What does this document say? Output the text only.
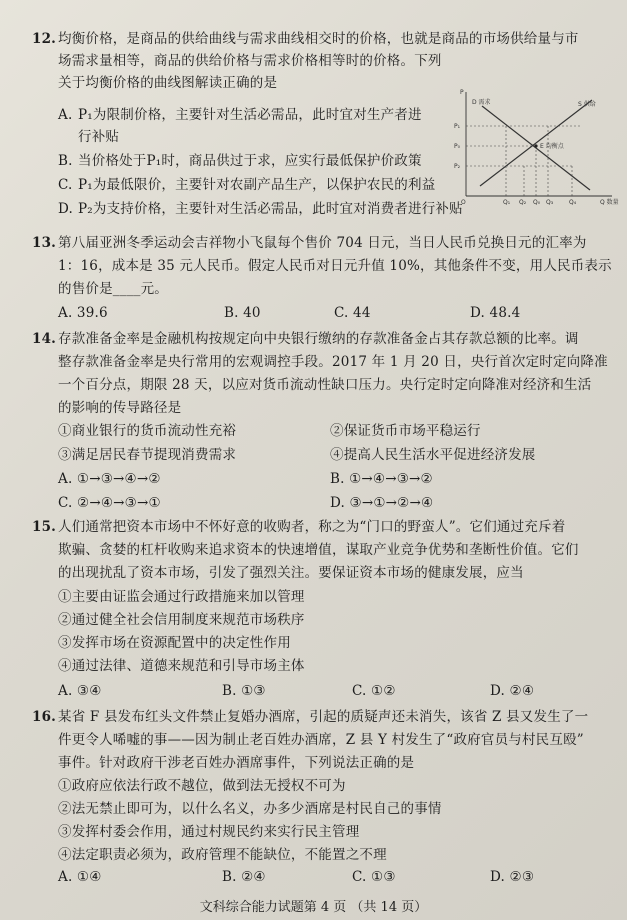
12. 均衡价格，是商品的供给曲线与需求曲线相交时的价格，也就是商品的市场供给量与市
场需求量相等，商品的供给价格与需求价格相等时的价格。下列
关于均衡价格的曲线图解读正确的是
A. P₁为限制价格，主要针对生活必需品，此时宜对生产者进
行补贴
B. 当价格处于P₁时，商品供过于求，应实行最低保护价政策
C. P₁为最低限价，主要针对农副产品生产，以保护农民的利益
D. P₂为支持价格，主要针对生活必需品，此时宜对消费者进行补贴
P
Q 数量
D 需求	S 供给
E 均衡点
P₁
P₀
P₂
O	Q₁ Q₂ Q₀ Q₃	Q₄
13. 第八届亚洲冬季运动会吉祥物小飞鼠每个售价 704 日元，当日人民币兑换日元的汇率为
1：16，成本是 35 元人民币。假定人民币对日元升值 10%，其他条件不变，用人民币表示
的售价是____元。
A. 39.6	B. 40	C. 44	D. 48.4
14. 存款准备金率是金融机构按规定向中央银行缴纳的存款准备金占其存款总额的比率。调
整存款准备金率是央行常用的宏观调控手段。2017 年 1 月 20 日，央行首次定时定向降准
一个百分点，期限 28 天，以应对货币流动性缺口压力。央行定时定向降准对经济和生活
的影响的传导路径是
①商业银行的货币流动性充裕	②保证货币市场平稳运行
③满足居民春节提现消费需求	④提高人民生活水平促进经济发展
A. ①→③→④→②	B. ①→④→③→②
C. ②→④→③→①	D. ③→①→②→④
15. 人们通常把资本市场中不怀好意的收购者，称之为“门口的野蛮人”。它们通过充斥着
欺骗、贪婪的杠杆收购来追求资本的快速增值，谋取产业竞争优势和垄断性价值。它们
的出现扰乱了资本市场，引发了强烈关注。要保证资本市场的健康发展，应当
①主要由证监会通过行政措施来加以管理
②通过健全社会信用制度来规范市场秩序
③发挥市场在资源配置中的决定性作用
④通过法律、道德来规范和引导市场主体
A. ③④	B. ①③	C. ①②	D. ②④
16. 某省 F 县发布红头文件禁止复婚办酒席，引起的质疑声还未消失，该省 Z 县又发生了一
件更令人唏嘘的事——因为制止老百姓办酒席，Z 县 Y 村发生了“政府官员与村民互殴”
事件。针对政府干涉老百姓办酒席事件，下列说法正确的是
①政府应依法行政不越位，做到法无授权不可为
②法无禁止即可为，以什么名义，办多少酒席是村民自己的事情
③发挥村委会作用，通过村规民约来实行民主管理
④法定职责必须为，政府管理不能缺位，不能置之不理
A. ①④	B. ②④	C. ①③	D. ②③
文科综合能力试题第 4 页 （共 14 页）
